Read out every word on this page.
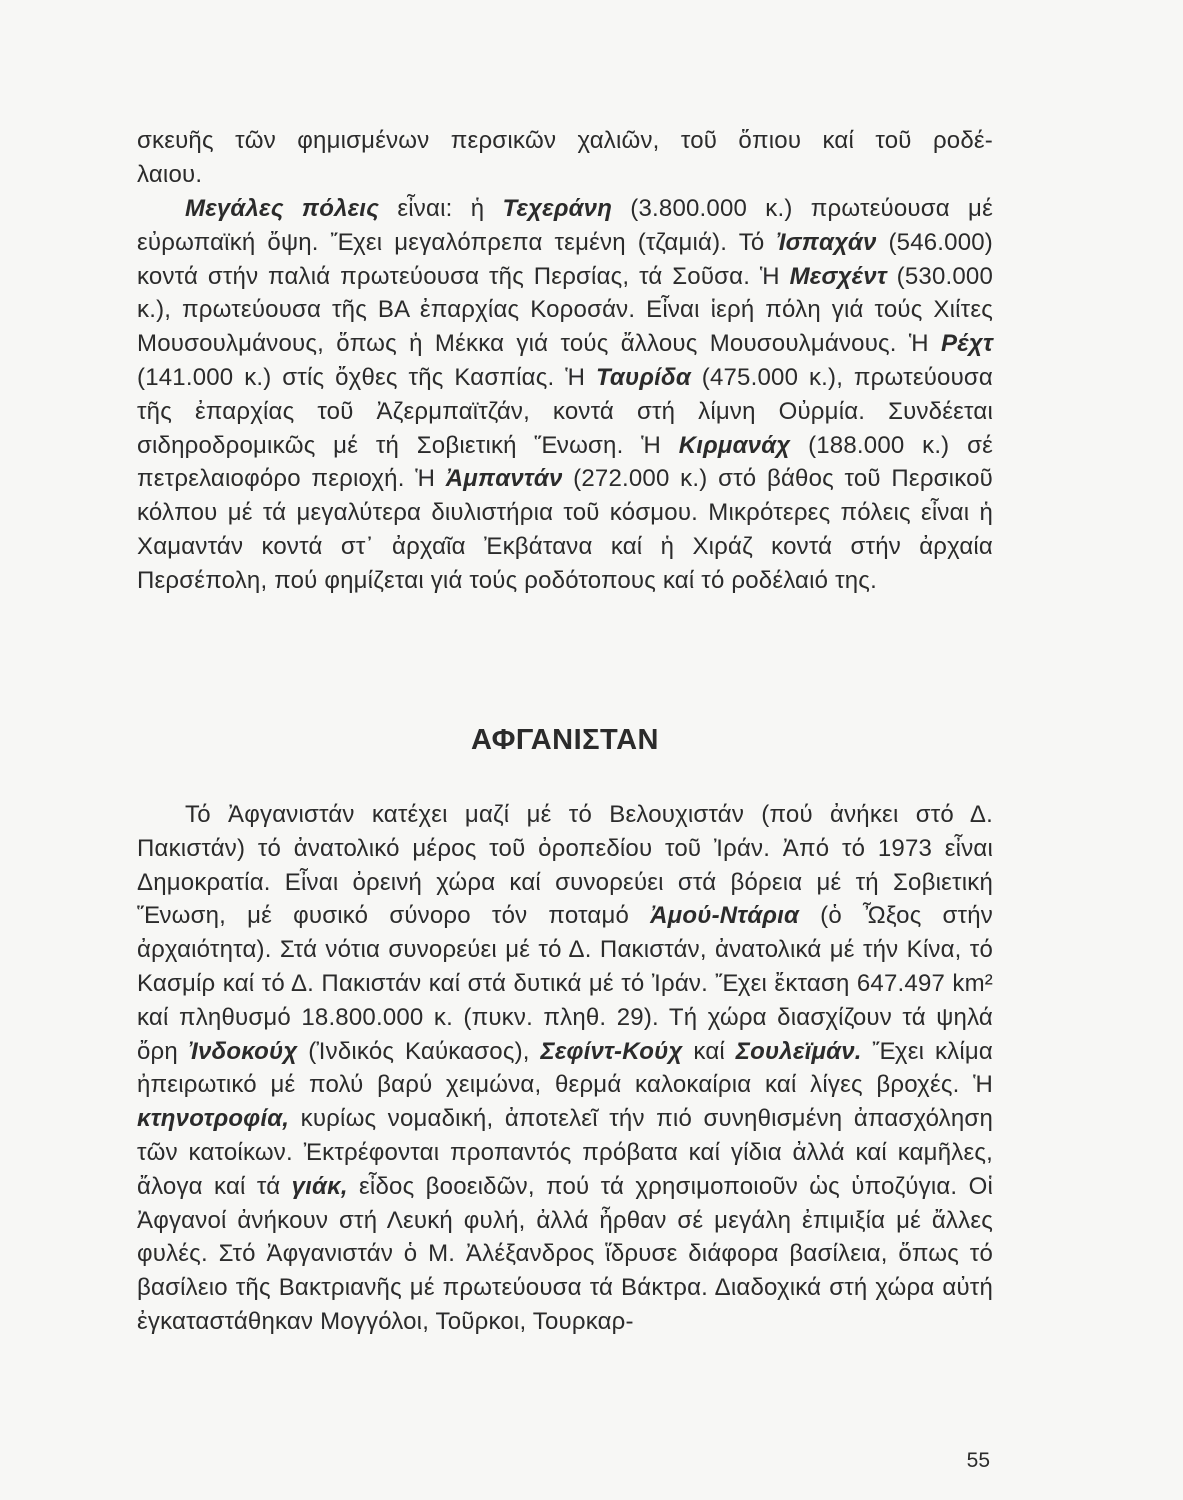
σκευῆς τῶν φημισμένων περσικῶν χαλιῶν, τοῦ ὅπιου καί τοῦ ροδέ-
λαιου.
Μεγάλες πόλεις εἶναι: ἡ Τεχεράνη (3.800.000 κ.) πρωτεύουσα μέ εὐρωπαϊκή ὄψη. Ἔχει μεγαλόπρεπα τεμένη (τζαμιά). Τό Ἰσπαχάν (546.000) κοντά στήν παλιά πρωτεύουσα τῆς Περσίας, τά Σοῦσα. Ἡ Μεσχέντ (530.000 κ.), πρωτεύουσα τῆς ΒΑ ἐπαρχίας Κοροσάν. Εἶναι ἱερή πόλη γιά τούς Χιίτες Μουσουλμάνους, ὅπως ἡ Μέκκα γιά τούς ἄλλους Μουσουλμάνους. Ἡ Ρέχτ (141.000 κ.) στίς ὄχθες τῆς Κασπίας. Ἡ Ταυρίδα (475.000 κ.), πρωτεύουσα τῆς ἐπαρχίας τοῦ Ἀζερμπαϊτζάν, κοντά στή λίμνη Οὐρμία. Συνδέεται σιδηροδρομικῶς μέ τή Σοβιετική Ἕνωση. Ἡ Κιρμανάχ (188.000 κ.) σέ πετρελαιοφόρο περιοχή. Ἡ Ἀμπαντάν (272.000 κ.) στό βάθος τοῦ Περσικοῦ κόλπου μέ τά μεγαλύτερα διυλιστήρια τοῦ κόσμου. Μικρότερες πόλεις εἶναι ἡ Χαμαντάν κοντά στ᾽ ἀρχαῖα Ἐκβάτανα καί ἡ Χιράζ κοντά στήν ἀρχαία Περσέπολη, πού φημίζεται γιά τούς ροδότοπους καί τό ροδέλαιό της.
ΑΦΓΑΝΙΣΤΑΝ
Τό Ἀφγανιστάν κατέχει μαζί μέ τό Βελουχιστάν (πού ἀνήκει στό Δ. Πακιστάν) τό ἀνατολικό μέρος τοῦ ὀροπεδίου τοῦ Ἰράν. Ἀπό τό 1973 εἶναι Δημοκρατία. Εἶναι ὀρεινή χώρα καί συνορεύει στά βόρεια μέ τή Σοβιετική Ἕνωση, μέ φυσικό σύνορο τόν ποταμό Ἀμού-Ντάρια (ὁ Ὦξος στήν ἀρχαιότητα). Στά νότια συνορεύει μέ τό Δ. Πακιστάν, ἀνατολικά μέ τήν Κίνα, τό Κασμίρ καί τό Δ. Πακιστάν καί στά δυτικά μέ τό Ἰράν. Ἔχει ἔκταση 647.497 km² καί πληθυσμό 18.800.000 κ. (πυκν. πληθ. 29). Τή χώρα διασχίζουν τά ψηλά ὄρη Ἰνδοκούχ (Ἰνδικός Καύκασος), Σεφίντ-Κούχ καί Σουλεϊμάν. Ἔχει κλίμα ἠπειρωτικό μέ πολύ βαρύ χειμώνα, θερμά καλοκαίρια καί λίγες βροχές. Ἡ κτηνοτροφία, κυρίως νομαδική, ἀποτελεῖ τήν πιό συνηθισμένη ἀπασχόληση τῶν κατοίκων. Ἐκτρέφονται προπαντός πρόβατα καί γίδια ἀλλά καί καμῆλες, ἄλογα καί τά γιάκ, εἶδος βοοειδῶν, πού τά χρησιμοποιοῦν ὡς ὑποζύγια. Οἱ Ἀφγανοί ἀνήκουν στή Λευκή φυλή, ἀλλά ἦρθαν σέ μεγάλη ἐπιμιξία μέ ἄλλες φυλές. Στό Ἀφγανιστάν ὁ Μ. Ἀλέξανδρος ἵδρυσε διάφορα βασίλεια, ὅπως τό βασίλειο τῆς Βακτριανῆς μέ πρωτεύουσα τά Βάκτρα. Διαδοχικά στή χώρα αὐτή ἐγκαταστάθηκαν Μογγόλοι, Τοῦρκοι, Τουρκαρ-
55
